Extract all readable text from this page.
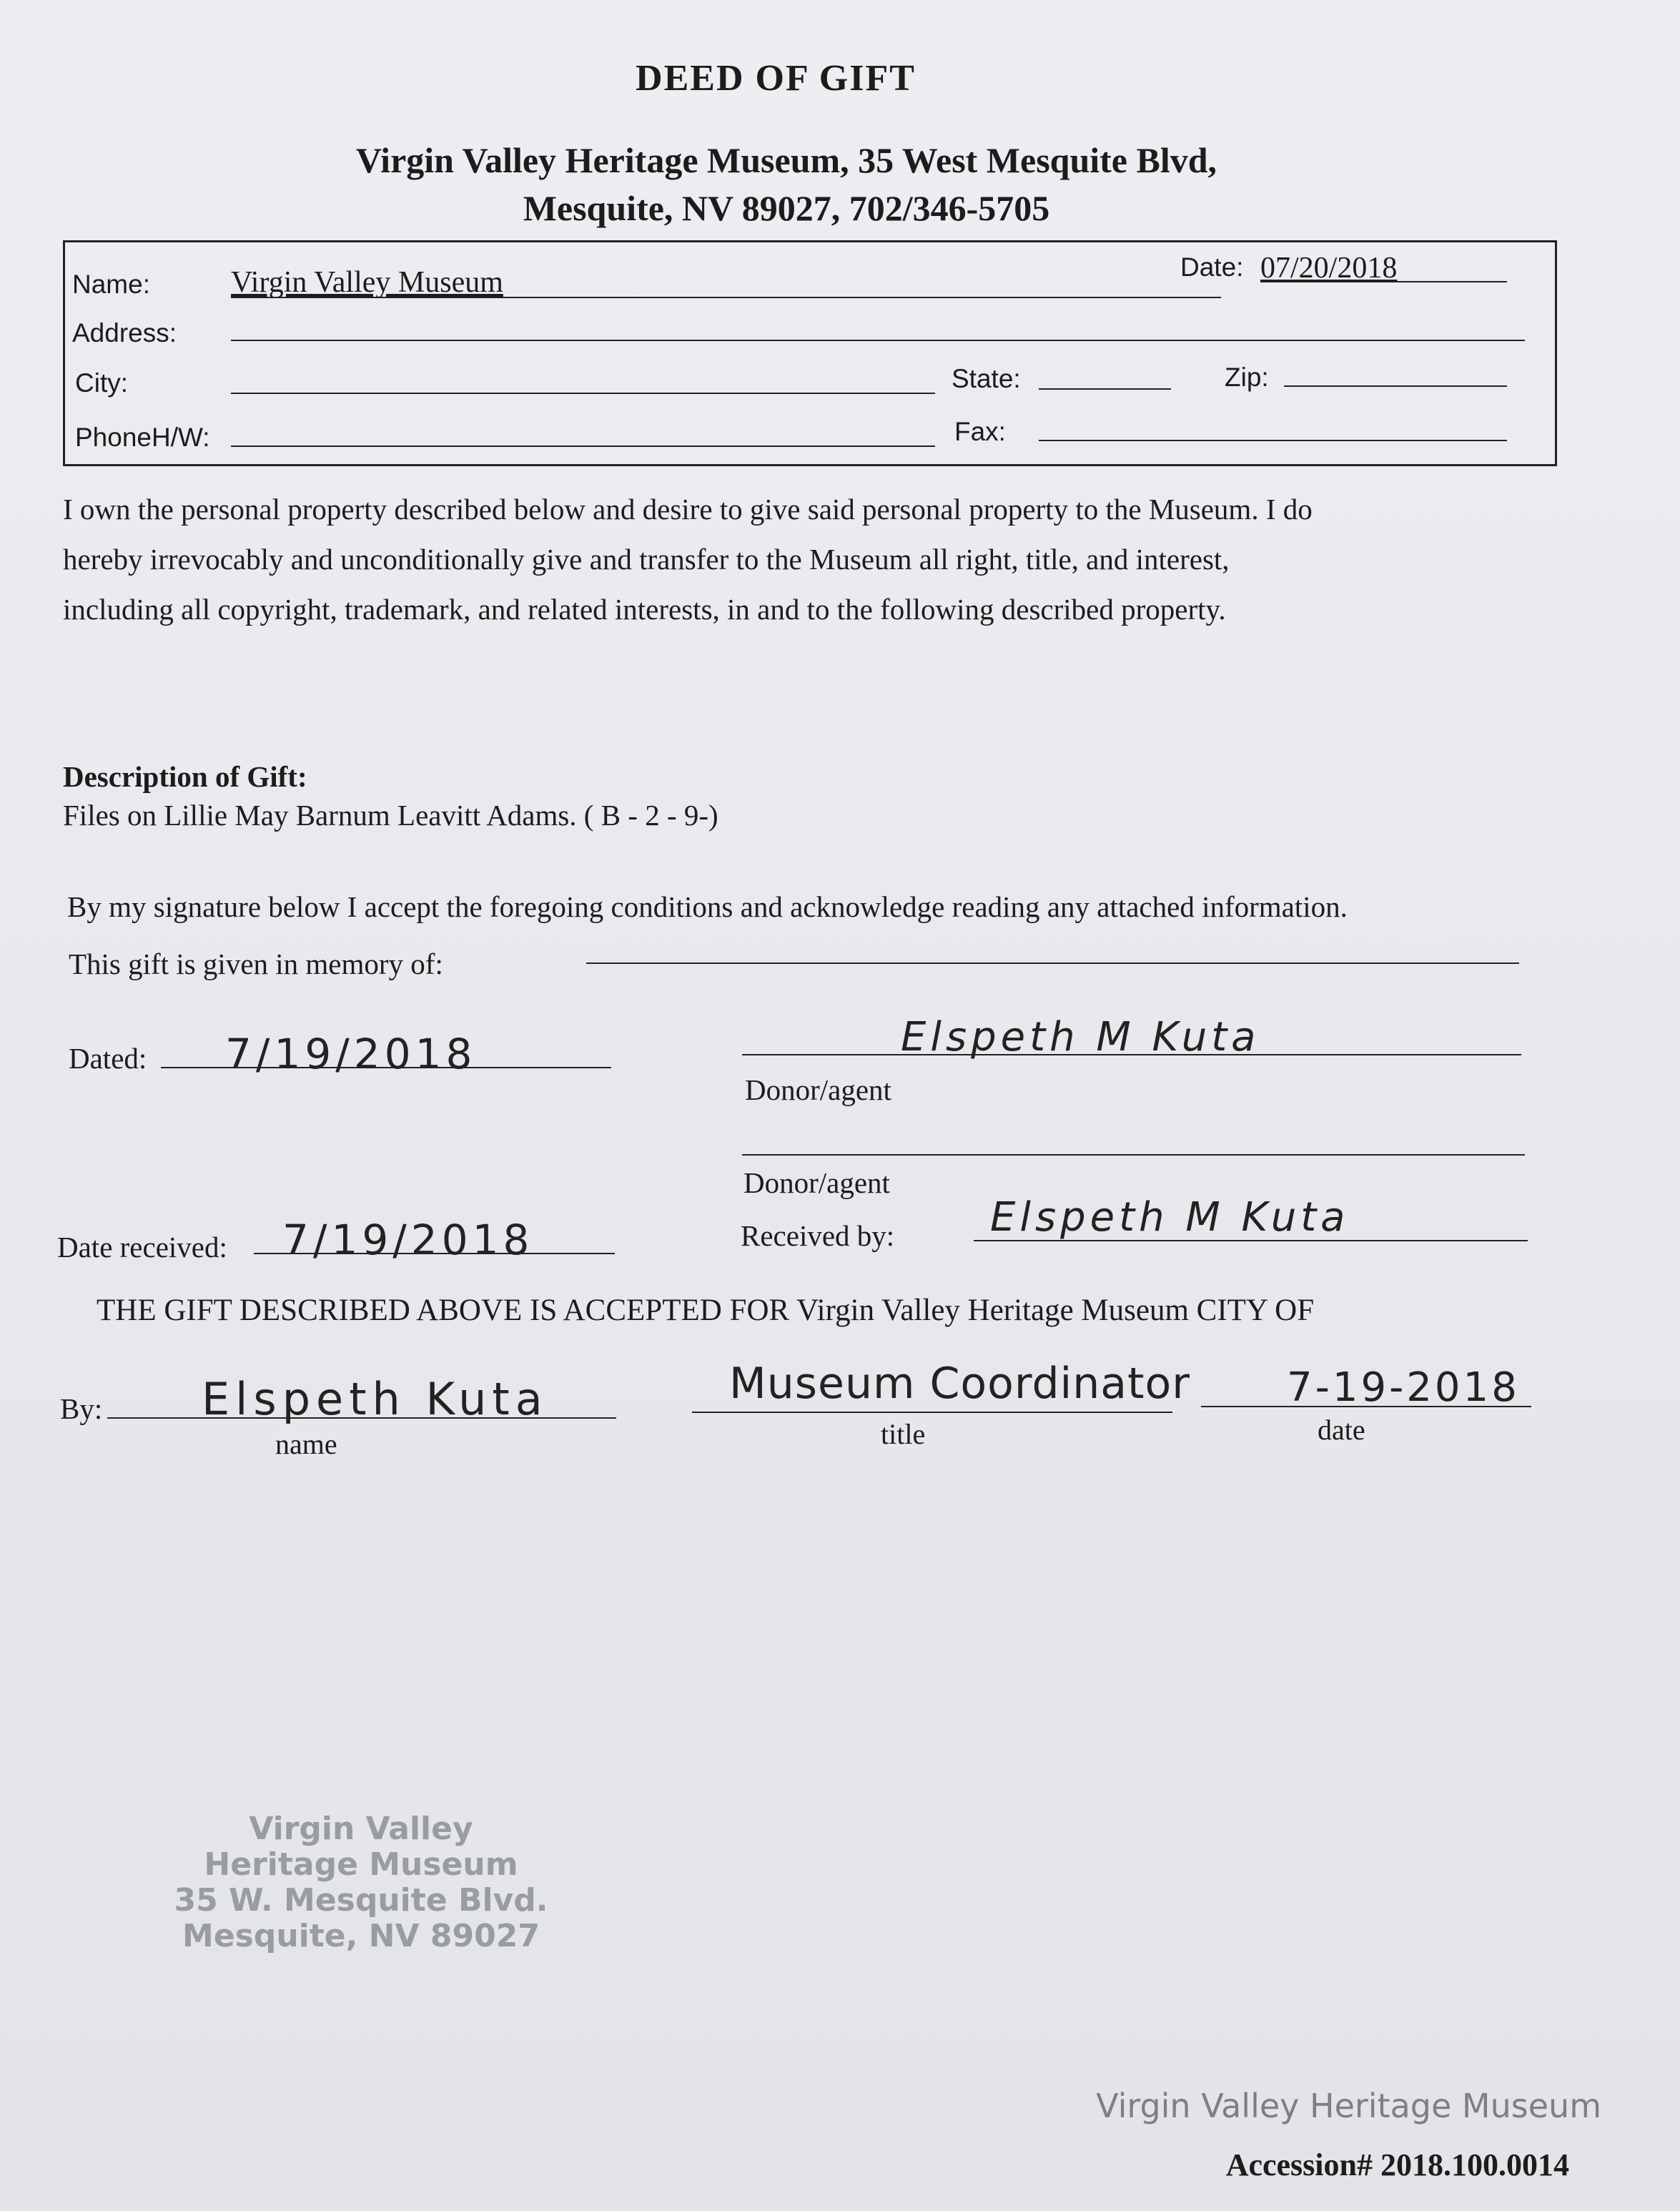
DEED OF GIFT
Virgin Valley Heritage Museum, 35 West Mesquite Blvd,
Mesquite, NV 89027, 702/346-5705
Name:	Virgin Valley Museum	Date: 07/20/2018
Address:
City:	State:	Zip:
PhoneH/W:	Fax:
I own the personal property described below and desire to give said personal property to the Museum. I do
hereby irrevocably and unconditionally give and transfer to the Museum all right, title, and interest,
including all copyright, trademark, and related interests, in and to the following described property.
Description of Gift:
Files on Lillie May Barnum Leavitt Adams. ( B - 2 - 9-)
By my signature below I accept the foregoing conditions and acknowledge reading any attached information.
This gift is given in memory of:
Dated: 7/19/2018	Elspeth M Kuta
Donor/agent
Donor/agent
Date received: 7/19/2018	Received by: Elspeth M Kuta
THE GIFT DESCRIBED ABOVE IS ACCEPTED FOR Virgin Valley Heritage Museum CITY OF
By: Elspeth Kuta
name
Museum Coordinator
title
7-19-2018
date
Virgin Valley
Heritage Museum
35 W. Mesquite Blvd.
Mesquite, NV 89027
Virgin Valley Heritage Museum
Accession# 2018.100.0014
